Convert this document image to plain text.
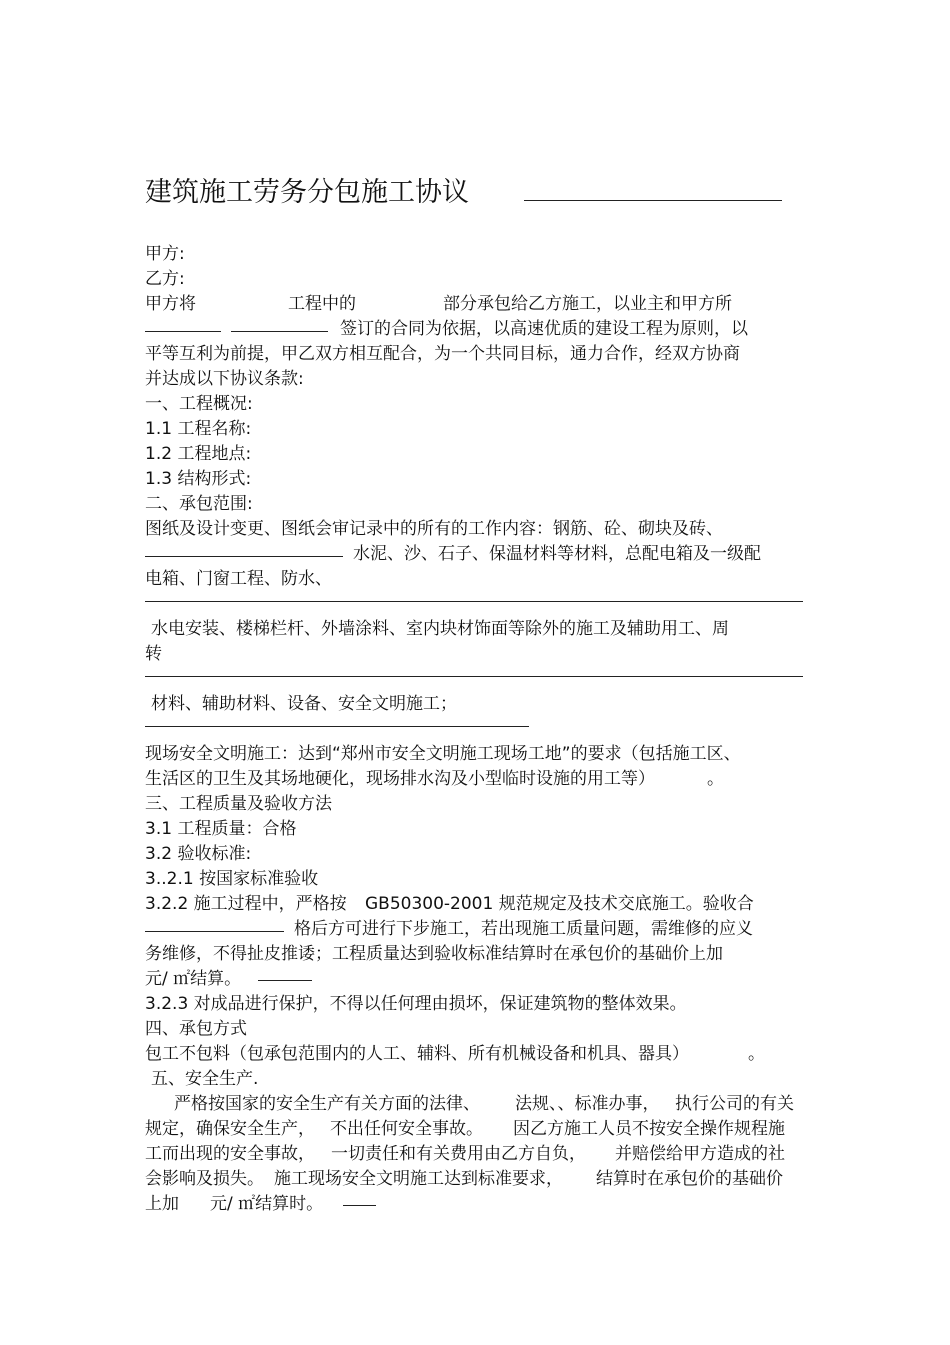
建筑施工劳务分包施工协议
甲方:
乙方:
甲方将	工程中的	部分承包给乙方施工，以业主和甲方所
签订的合同为依据，以高速优质的建设工程为原则，以
平等互利为前提，甲乙双方相互配合，为一个共同目标，通力合作，经双方协商
并达成以下协议条款:
一、工程概况:
1.1 工程名称:
1.2 工程地点:
1.3 结构形式:
二、承包范围:
图纸及设计变更、图纸会审记录中的所有的工作内容：钢筋、砼、砌块及砖、
水泥、沙、石子、保温材料等材料，总配电箱及一级配
电箱、门窗工程、防水、
水电安装、楼梯栏杆、外墙涂料、室内块材饰面等除外的施工及辅助用工、周
转
材料、辅助材料、设备、安全文明施工；
现场安全文明施工：达到“郑州市安全文明施工现场工地”的要求（包括施工区、
生活区的卫生及其场地硬化，现场排水沟及小型临时设施的用工等）	。
三、工程质量及验收方法
3.1 工程质量：合格
3.2 验收标准:
3..2.1 按国家标准验收
3.2.2 施工过程中，严格按 GB50300-2001 规范规定及技术交底施工。验收合
格后方可进行下步施工，若出现施工质量问题，需维修的应义
务维修，不得扯皮推诿；工程质量达到验收标准结算时在承包价的基础价上加
元/ ㎡结算。
3.2.3 对成品进行保护，不得以任何理由损坏，保证建筑物的整体效果。
四、承包方式
包工不包料（包承包范围内的人工、辅料、所有机械设备和机具、器具）	。
五、安全生产.
严格按国家的安全生产有关方面的法律、 法规、、标准办事， 执行公司的有关
规定，确保安全生产， 不出任何安全事故。 因乙方施工人员不按安全操作规程施
工而出现的安全事故， 一切责任和有关费用由乙方自负， 并赔偿给甲方造成的社
会影响及损失。 施工现场安全文明施工达到标准要求， 结算时在承包价的基础价
上加 元/ ㎡结算时。
